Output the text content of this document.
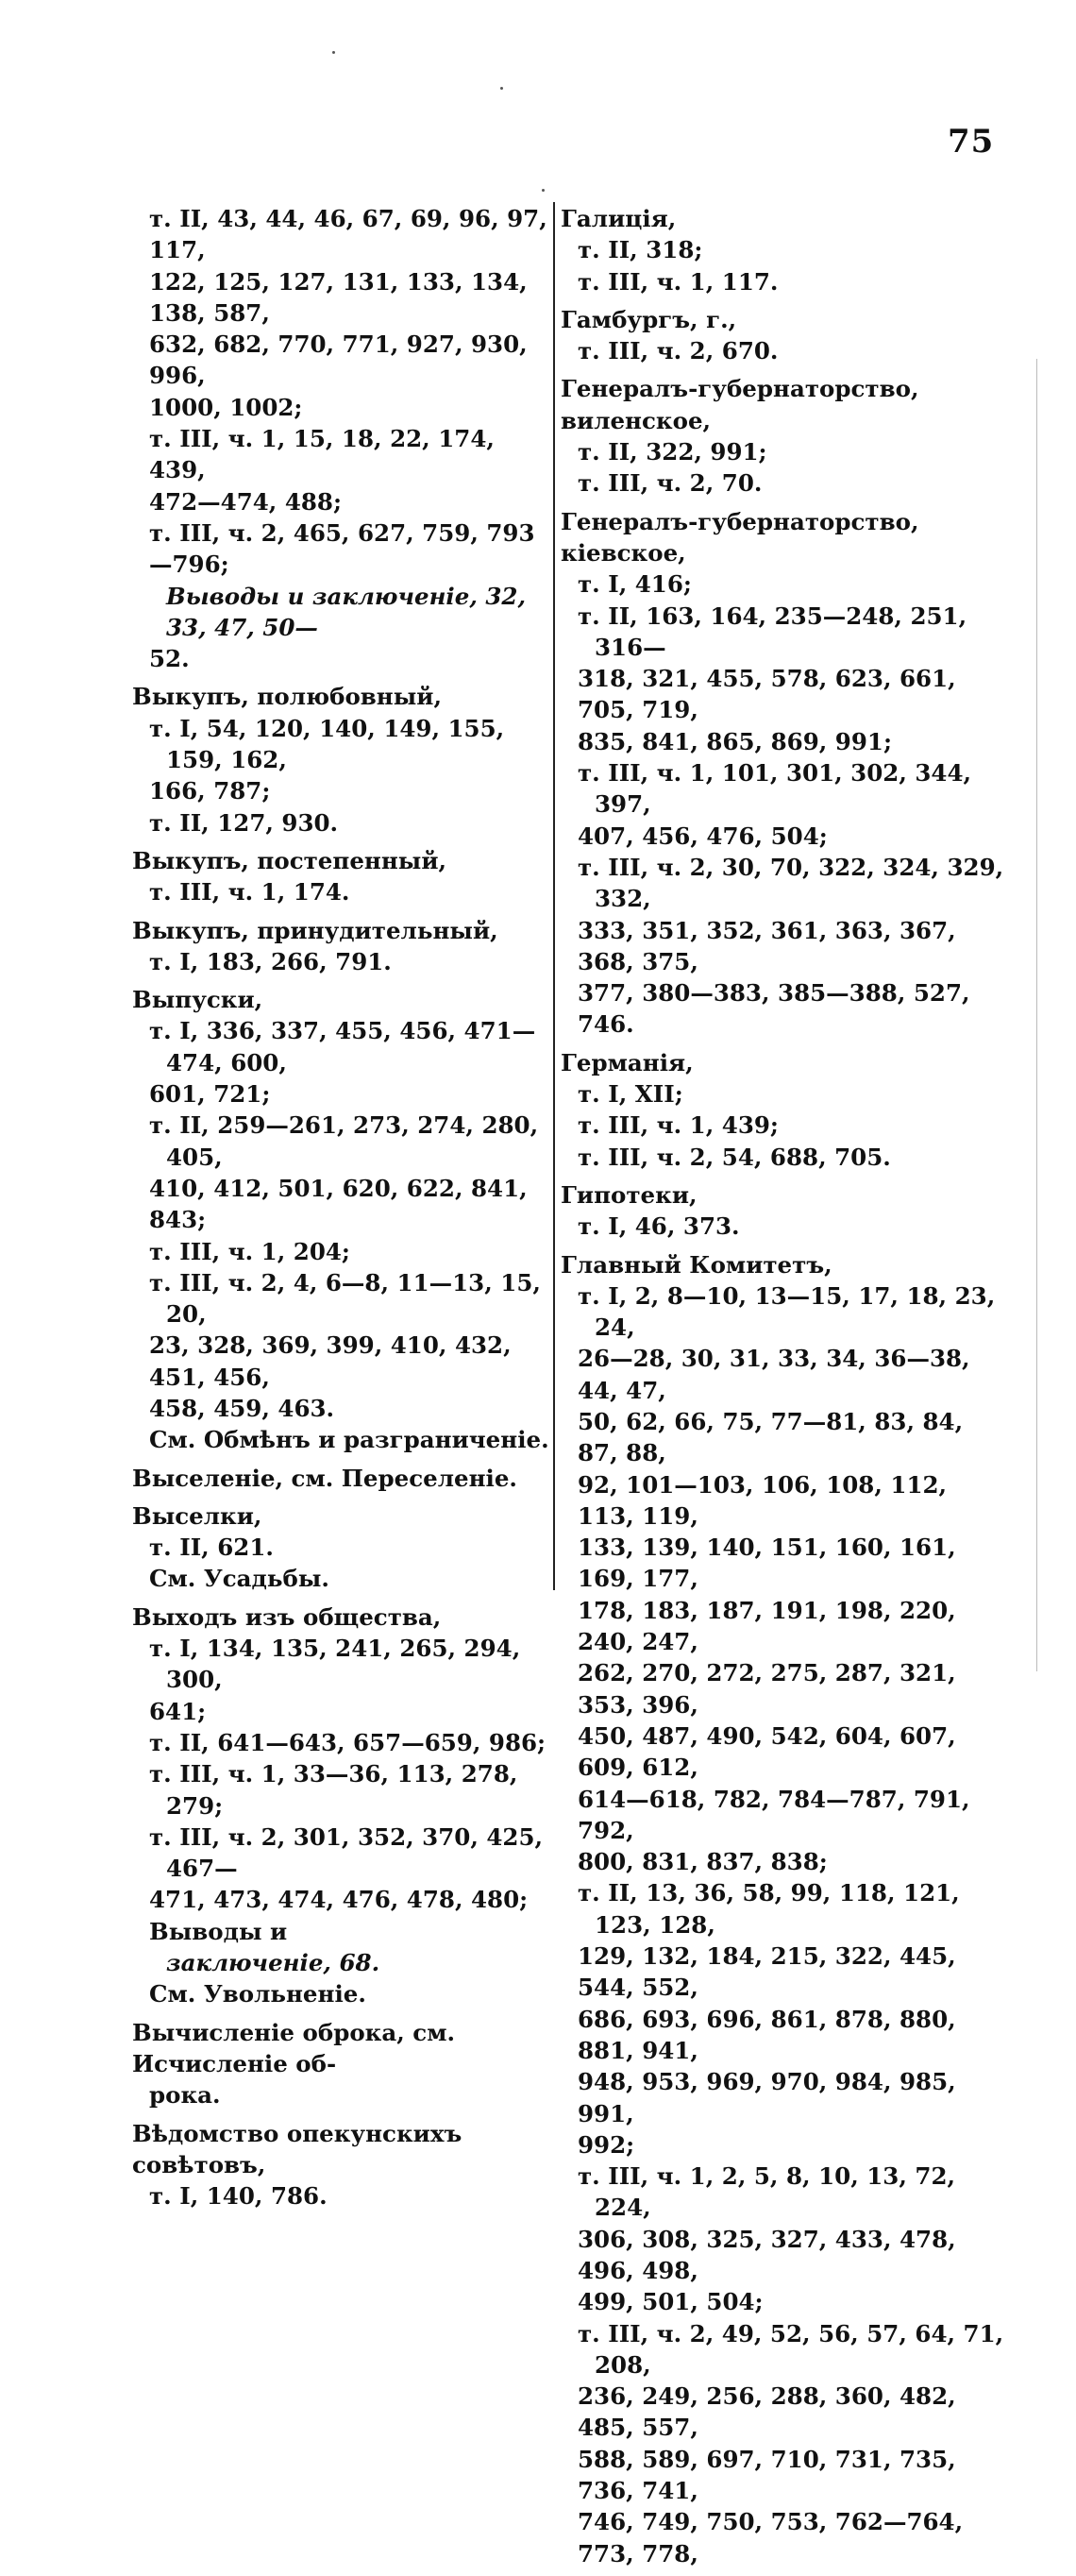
75
т. II, 43, 44, 46, 67, 69, 96, 97, 117,
122, 125, 127, 131, 133, 134, 138, 587,
632, 682, 770, 771, 927, 930, 996,
1000, 1002;
т. III, ч. 1, 15, 18, 22, 174, 439,
472—474, 488;
т. III, ч. 2, 465, 627, 759, 793—796;
Выводы и заключеніе, 32, 33, 47, 50—
52.
Выкупъ, полюбовный,
т. I, 54, 120, 140, 149, 155, 159, 162,
166, 787;
т. II, 127, 930.
Выкупъ, постепенный,
т. III, ч. 1, 174.
Выкупъ, принудительный,
т. I, 183, 266, 791.
Выпуски,
т. I, 336, 337, 455, 456, 471—474, 600,
601, 721;
т. II, 259—261, 273, 274, 280, 405,
410, 412, 501, 620, 622, 841, 843;
т. III, ч. 1, 204;
т. III, ч. 2, 4, 6—8, 11—13, 15, 20,
23, 328, 369, 399, 410, 432, 451, 456,
458, 459, 463.
См. Обмѣнъ и разграниченіе.
Выселеніе, см. Переселеніе.
Выселки,
т. II, 621.
См. Усадьбы.
Выходъ изъ общества,
т. I, 134, 135, 241, 265, 294, 300,
641;
т. II, 641—643, 657—659, 986;
т. III, ч. 1, 33—36, 113, 278, 279;
т. III, ч. 2, 301, 352, 370, 425, 467—
471, 473, 474, 476, 478, 480; Выводы и
заключеніе, 68.
См. Увольненіе.
Вычисленіе оброка, см. Исчисленіе об-
рока.
Вѣдомство опекунскихъ совѣтовъ,
т. I, 140, 786.
Галиція,
т. II, 318;
т. III, ч. 1, 117.
Гамбургъ, г.,
т. III, ч. 2, 670.
Генералъ-губернаторство, виленское,
т. II, 322, 991;
т. III, ч. 2, 70.
Генералъ-губернаторство, кіевское,
т. I, 416;
т. II, 163, 164, 235—248, 251, 316—
318, 321, 455, 578, 623, 661, 705, 719,
835, 841, 865, 869, 991;
т. III, ч. 1, 101, 301, 302, 344, 397,
407, 456, 476, 504;
т. III, ч. 2, 30, 70, 322, 324, 329, 332,
333, 351, 352, 361, 363, 367, 368, 375,
377, 380—383, 385—388, 527, 746.
Германія,
т. I, XII;
т. III, ч. 1, 439;
т. III, ч. 2, 54, 688, 705.
Гипотеки,
т. I, 46, 373.
Главный Комитетъ,
т. I, 2, 8—10, 13—15, 17, 18, 23, 24,
26—28, 30, 31, 33, 34, 36—38, 44, 47,
50, 62, 66, 75, 77—81, 83, 84, 87, 88,
92, 101—103, 106, 108, 112, 113, 119,
133, 139, 140, 151, 160, 161, 169, 177,
178, 183, 187, 191, 198, 220, 240, 247,
262, 270, 272, 275, 287, 321, 353, 396,
450, 487, 490, 542, 604, 607, 609, 612,
614—618, 782, 784—787, 791, 792,
800, 831, 837, 838;
т. II, 13, 36, 58, 99, 118, 121, 123, 128,
129, 132, 184, 215, 322, 445, 544, 552,
686, 693, 696, 861, 878, 880, 881, 941,
948, 953, 969, 970, 984, 985, 991,
992;
т. III, ч. 1, 2, 5, 8, 10, 13, 72, 224,
306, 308, 325, 327, 433, 478, 496, 498,
499, 501, 504;
т. III, ч. 2, 49, 52, 56, 57, 64, 71, 208,
236, 249, 256, 288, 360, 482, 485, 557,
588, 589, 697, 710, 731, 735, 736, 741,
746, 749, 750, 753, 762—764, 773, 778,
